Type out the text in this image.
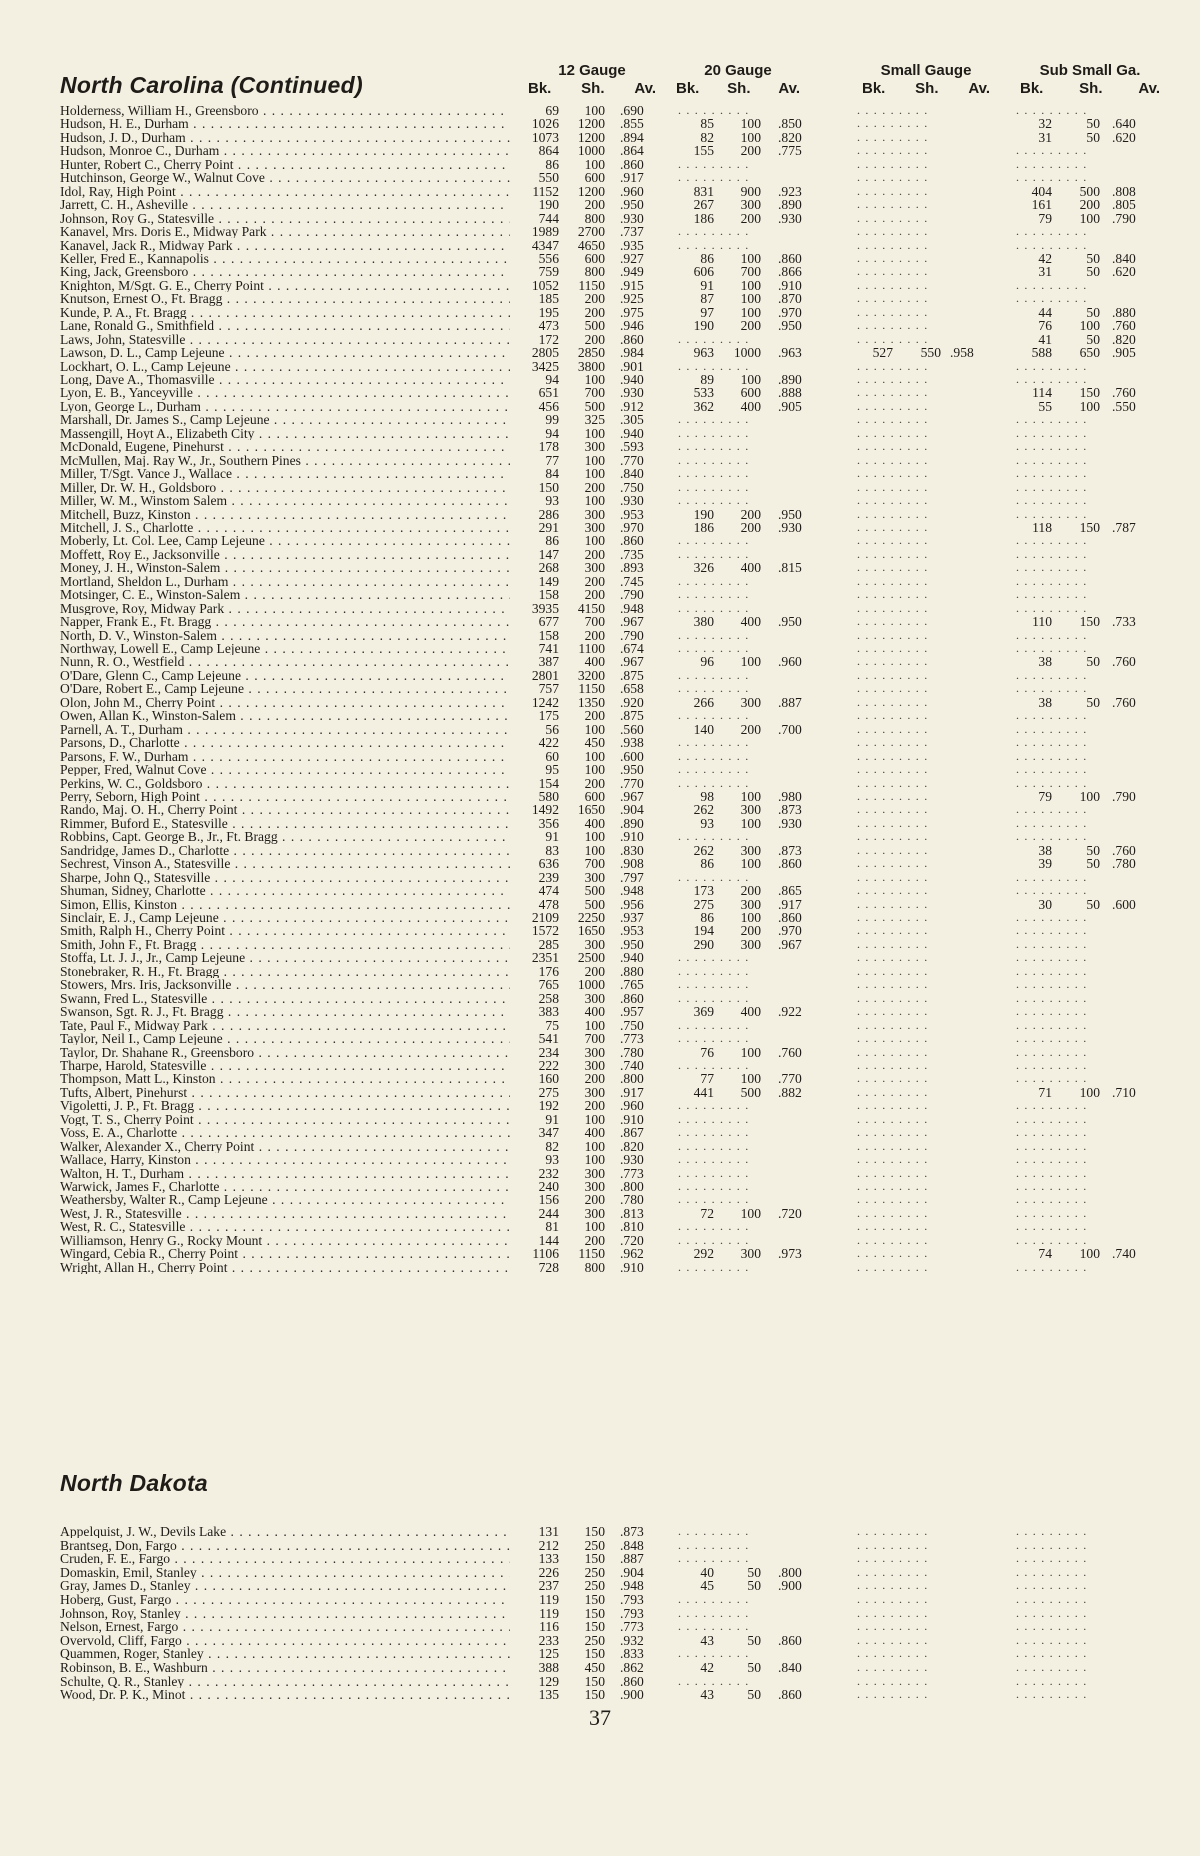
North Carolina (Continued)
12 Gauge
Bk. Sh. Av.
20 Gauge
Bk. Sh. Av.
Small Gauge
Bk. Sh. Av.
Sub Small Ga.
Bk. Sh. Av.
Holderness, William H., Greensboro . . .	69	100 .690	. . . . . . . . .	. . . . . . . . .	. . . . . . . . .
Hudson, H. E., Durham . . .	1026	1200 .855	85	100 .850	. . . . . . . . .	32	50 .640
Hudson, J. D., Durham . . .	1073	1200 .894	82	100 .820	. . . . . . . . .	31	50 .620
Hudson, Monroe C., Durham . . .	864	1000 .864	155	200 .775	. . . . . . . . .	. . . . . . . . .
Hunter, Robert C., Cherry Point . . .	86	100 .860	. . . . . . . . .	. . . . . . . . .	. . . . . . . . .
Hutchinson, George W., Walnut Cove . . .	550	600 .917	. . . . . . . . .	. . . . . . . . .	. . . . . . . . .
Idol, Ray, High Point . . .	1152	1200 .960	831	900 .923	. . . . . . . . .	404	500 .808
Jarrett, C. H., Asheville . . .	190	200 .950	267	300 .890	. . . . . . . . .	161	200 .805
Johnson, Roy G., Statesville . . .	744	800 .930	186	200 .930	. . . . . . . . .	79	100 .790
Kanavel, Mrs. Doris E., Midway Park . . .	1989	2700 .737	. . . . . . . . .	. . . . . . . . .	. . . . . . . . .
Kanavel, Jack R., Midway Park . . .	4347	4650 .935	. . . . . . . . .	. . . . . . . . .	. . . . . . . . .
Keller, Fred E., Kannapolis . . .	556	600 .927	86	100 .860	. . . . . . . . .	42	50 .840
King, Jack, Greensboro . . .	759	800 .949	606	700 .866	. . . . . . . . .	31	50 .620
Knighton, M/Sgt. G. E., Cherry Point . . .	1052	1150 .915	91	100 .910	. . . . . . . . .	. . . . . . . . .
Knutson, Ernest O., Ft. Bragg . . .	185	200 .925	87	100 .870	. . . . . . . . .	. . . . . . . . .
Kunde, P. A., Ft. Bragg . . .	195	200 .975	97	100 .970	. . . . . . . . .	44	50 .880
Lane, Ronald G., Smithfield . . .	473	500 .946	190	200 .950	. . . . . . . . .	76	100 .760
Laws, John, Statesville . . .	172	200 .860	. . . . . . . . .	. . . . . . . . .	41	50 .820
Lawson, D. L., Camp Lejeune . . .	2805	2850 .984	963	1000 .963	527	550 .958	588	650 .905
Lockhart, O. L., Camp Lejeune . . .	3425	3800 .901	. . . . . . . . .	. . . . . . . . .	. . . . . . . . .
Long, Dave A., Thomasville . . .	94	100 .940	89	100 .890	. . . . . . . . .	. . . . . . . . .
Lyon, E. B., Yanceyville . . .	651	700 .930	533	600 .888	. . . . . . . . .	114	150 .760
Lyon, George L., Durham . . .	456	500 .912	362	400 .905	. . . . . . . . .	55	100 .550
Marshall, Dr. James S., Camp Lejeune . . .	99	325 .305	. . . . . . . . .	. . . . . . . . .	. . . . . . . . .
Massengill, Hoyt A., Elizabeth City . . .	94	100 .940	. . . . . . . . .	. . . . . . . . .	. . . . . . . . .
McDonald, Eugene, Pinehurst . . .	178	300 .593	. . . . . . . . .	. . . . . . . . .	. . . . . . . . .
McMullen, Maj. Ray W., Jr., Southern Pines . . .	77	100 .770	. . . . . . . . .	. . . . . . . . .	. . . . . . . . .
Miller, T/Sgt. Vance J., Wallace . . .	84	100 .840	. . . . . . . . .	. . . . . . . . .	. . . . . . . . .
Miller, Dr. W. H., Goldsboro . . .	150	200 .750	. . . . . . . . .	. . . . . . . . .	. . . . . . . . .
Miller, W. M., Winstom Salem . . .	93	100 .930	. . . . . . . . .	. . . . . . . . .	. . . . . . . . .
Mitchell, Buzz, Kinston . . .	286	300 .953	190	200 .950	. . . . . . . . .	. . . . . . . . .
Mitchell, J. S., Charlotte . . .	291	300 .970	186	200 .930	. . . . . . . . .	118	150 .787
Moberly, Lt. Col. Lee, Camp Lejeune . . .	86	100 .860	. . . . . . . . .	. . . . . . . . .	. . . . . . . . .
Moffett, Roy E., Jacksonville . . .	147	200 .735	. . . . . . . . .	. . . . . . . . .	. . . . . . . . .
Money, J. H., Winston-Salem . . .	268	300 .893	326	400 .815	. . . . . . . . .	. . . . . . . . .
Mortland, Sheldon L., Durham . . .	149	200 .745	. . . . . . . . .	. . . . . . . . .	. . . . . . . . .
Motsinger, C. E., Winston-Salem . . .	158	200 .790	. . . . . . . . .	. . . . . . . . .	. . . . . . . . .
Musgrove, Roy, Midway Park . . .	3935	4150 .948	. . . . . . . . .	. . . . . . . . .	. . . . . . . . .
Napper, Frank E., Ft. Bragg . . .	677	700 .967	380	400 .950	. . . . . . . . .	110	150 .733
North, D. V., Winston-Salem . . .	158	200 .790	. . . . . . . . .	. . . . . . . . .	. . . . . . . . .
Northway, Lowell E., Camp Lejeune . . .	741	1100 .674	. . . . . . . . .	. . . . . . . . .	. . . . . . . . .
Nunn, R. O., Westfield . . .	387	400 .967	96	100 .960	. . . . . . . . .	38	50 .760
O'Dare, Glenn C., Camp Lejeune . . .	2801	3200 .875	. . . . . . . . .	. . . . . . . . .	. . . . . . . . .
O'Dare, Robert E., Camp Lejeune . . .	757	1150 .658	. . . . . . . . .	. . . . . . . . .	. . . . . . . . .
Olon, John M., Cherry Point . . .	1242	1350 .920	266	300 .887	. . . . . . . . .	38	50 .760
Owen, Allan K., Winston-Salem . . .	175	200 .875	. . . . . . . . .	. . . . . . . . .	. . . . . . . . .
Parnell, A. T., Durham . . .	56	100 .560	140	200 .700	. . . . . . . . .	. . . . . . . . .
Parsons, D., Charlotte . . .	422	450 .938	. . . . . . . . .	. . . . . . . . .	. . . . . . . . .
Parsons, F. W., Durham . . .	60	100 .600	. . . . . . . . .	. . . . . . . . .	. . . . . . . . .
Pepper, Fred, Walnut Cove . . .	95	100 .950	. . . . . . . . .	. . . . . . . . .	. . . . . . . . .
Perkins, W. C., Goldsboro . . .	154	200 .770	. . . . . . . . .	. . . . . . . . .	. . . . . . . . .
Perry, Seborn, High Point . . .	580	600 .967	98	100 .980	. . . . . . . . .	79	100 .790
Rando, Maj. O. H., Cherry Point . . .	1492	1650 .904	262	300 .873	. . . . . . . . .	. . . . . . . . .
Rimmer, Buford E., Statesville . . .	356	400 .890	93	100 .930	. . . . . . . . .	. . . . . . . . .
Robbins, Capt. George B., Jr., Ft. Bragg . . .	91	100 .910	. . . . . . . . .	. . . . . . . . .	. . . . . . . . .
Sandridge, James D., Charlotte . . .	83	100 .830	262	300 .873	. . . . . . . . .	38	50 .760
Sechrest, Vinson A., Statesville . . .	636	700 .908	86	100 .860	. . . . . . . . .	39	50 .780
Sharpe, John Q., Statesville . . .	239	300 .797	. . . . . . . . .	. . . . . . . . .	. . . . . . . . .
Shuman, Sidney, Charlotte . . .	474	500 .948	173	200 .865	. . . . . . . . .	. . . . . . . . .
Simon, Ellis, Kinston . . .	478	500 .956	275	300 .917	. . . . . . . . .	30	50 .600
Sinclair, E. J., Camp Lejeune . . .	2109	2250 .937	86	100 .860	. . . . . . . . .	. . . . . . . . .
Smith, Ralph H., Cherry Point . . .	1572	1650 .953	194	200 .970	. . . . . . . . .	. . . . . . . . .
Smith, John F., Ft. Bragg . . .	285	300 .950	290	300 .967	. . . . . . . . .	. . . . . . . . .
Stoffa, Lt. J. J., Jr., Camp Lejeune . . .	2351	2500 .940	. . . . . . . . .	. . . . . . . . .	. . . . . . . . .
Stonebraker, R. H., Ft. Bragg . . .	176	200 .880	. . . . . . . . .	. . . . . . . . .	. . . . . . . . .
Stowers, Mrs. Iris, Jacksonville . . .	765	1000 .765	. . . . . . . . .	. . . . . . . . .	. . . . . . . . .
Swann, Fred L., Statesville . . .	258	300 .860	. . . . . . . . .	. . . . . . . . .	. . . . . . . . .
Swanson, Sgt. R. J., Ft. Bragg . . .	383	400 .957	369	400 .922	. . . . . . . . .	. . . . . . . . .
Tate, Paul F., Midway Park . . .	75	100 .750	. . . . . . . . .	. . . . . . . . .	. . . . . . . . .
Taylor, Neil I., Camp Lejeune . . .	541	700 .773	. . . . . . . . .	. . . . . . . . .	. . . . . . . . .
Taylor, Dr. Shahane R., Greensboro . . .	234	300 .780	76	100 .760	. . . . . . . . .	. . . . . . . . .
Tharpe, Harold, Statesville . . .	222	300 .740	. . . . . . . . .	. . . . . . . . .	. . . . . . . . .
Thompson, Matt L., Kinston . . .	160	200 .800	77	100 .770	. . . . . . . . .	. . . . . . . . .
Tufts, Albert, Pinehurst . . .	275	300 .917	441	500 .882	. . . . . . . . .	71	100 .710
Vigoletti, J. P., Ft. Bragg . . .	192	200 .960	. . . . . . . . .	. . . . . . . . .	. . . . . . . . .
Vogt, T. S., Cherry Point . . .	91	100 .910	. . . . . . . . .	. . . . . . . . .	. . . . . . . . .
Voss, E. A., Charlotte . . .	347	400 .867	. . . . . . . . .	. . . . . . . . .	. . . . . . . . .
Walker, Alexander X., Cherry Point . . .	82	100 .820	. . . . . . . . .	. . . . . . . . .	. . . . . . . . .
Wallace, Harry, Kinston . . .	93	100 .930	. . . . . . . . .	. . . . . . . . .	. . . . . . . . .
Walton, H. T., Durham . . .	232	300 .773	. . . . . . . . .	. . . . . . . . .	. . . . . . . . .
Warwick, James F., Charlotte . . .	240	300 .800	. . . . . . . . .	. . . . . . . . .	. . . . . . . . .
Weathersby, Walter R., Camp Lejeune . . .	156	200 .780	. . . . . . . . .	. . . . . . . . .	. . . . . . . . .
West, J. R., Statesville . . .	244	300 .813	72	100 .720	. . . . . . . . .	. . . . . . . . .
West, R. C., Statesville . . .	81	100 .810	. . . . . . . . .	. . . . . . . . .	. . . . . . . . .
Williamson, Henry G., Rocky Mount . . .	144	200 .720	. . . . . . . . .	. . . . . . . . .	. . . . . . . . .
Wingard, Cebia R., Cherry Point . . .	1106	1150 .962	292	300 .973	. . . . . . . . .	74	100 .740
Wright, Allan H., Cherry Point . . .	728	800 .910	. . . . . . . . .	. . . . . . . . .	. . . . . . . . .
North Dakota
Appelquist, J. W., Devils Lake . . .	131	150 .873	. . . . . . . . .	. . . . . . . . .	. . . . . . . . .
Brantseg, Don, Fargo . . .	212	250 .848	. . . . . . . . .	. . . . . . . . .	. . . . . . . . .
Cruden, F. E., Fargo . . .	133	150 .887	. . . . . . . . .	. . . . . . . . .	. . . . . . . . .
Domaskin, Emil, Stanley . . .	226	250 .904	40	50 .800	. . . . . . . . .	. . . . . . . . .
Gray, James D., Stanley . . .	237	250 .948	45	50 .900	. . . . . . . . .	. . . . . . . . .
Hoberg, Gust, Fargo . . .	119	150 .793	. . . . . . . . .	. . . . . . . . .	. . . . . . . . .
Johnson, Roy, Stanley . . .	119	150 .793	. . . . . . . . .	. . . . . . . . .	. . . . . . . . .
Nelson, Ernest, Fargo . . .	116	150 .773	. . . . . . . . .	. . . . . . . . .	. . . . . . . . .
Overvold, Cliff, Fargo . . .	233	250 .932	43	50 .860	. . . . . . . . .	. . . . . . . . .
Quammen, Roger, Stanley . . .	125	150 .833	. . . . . . . . .	. . . . . . . . .	. . . . . . . . .
Robinson, B. E., Washburn . . .	388	450 .862	42	50 .840	. . . . . . . . .	. . . . . . . . .
Schulte, Q. R., Stanley . . .	129	150 .860	. . . . . . . . .	. . . . . . . . .	. . . . . . . . .
Wood, Dr. P. K., Minot . . .	135	150 .900	43	50 .860	. . . . . . . . .	. . . . . . . . .
37
